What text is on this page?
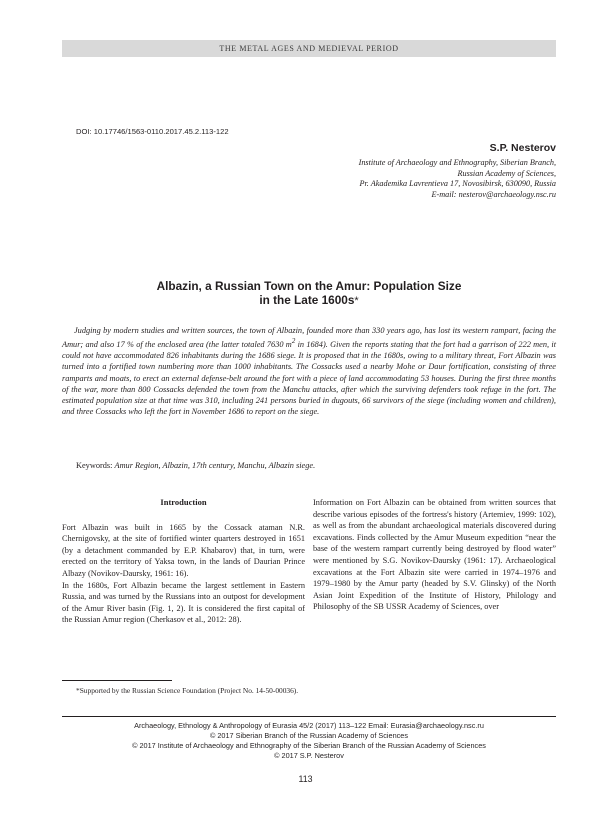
THE METAL AGES AND MEDIEVAL PERIOD
DOI: 10.17746/1563-0110.2017.45.2.113-122
S.P. Nesterov
Institute of Archaeology and Ethnography, Siberian Branch,
Russian Academy of Sciences,
Pr. Akademika Lavrentieva 17, Novosibirsk, 630090, Russia
E-mail: nesterov@archaeology.nsc.ru
Albazin, a Russian Town on the Amur: Population Size
in the Late 1600s*

Judging by modern studies and written sources, the town of Albazin, founded more than 330 years ago, has lost its western rampart, facing the Amur; and also 17 % of the enclosed area (the latter totaled 7630 $m^2$ in 1684). Given the reports stating that the fort had a garrison of 222 men, it could not have accommodated 826 inhabitants during the 1686 siege. It is proposed that in the 1680s, owing to a military threat, Fort Albazin was turned into a fortified town numbering more than 1000 inhabitants. The Cossacks used a nearby Mohe or Daur fortification, consisting of three ramparts and moats, to erect an external defense-belt around the fort with a piece of land accommodating 53 houses. During the first three months of the war, more than 800 Cossacks defended the town from the Manchu attacks, after which the surviving defenders took refuge in the fort. The estimated population size at that time was 310, including 241 persons buried in dugouts, 66 survivors of the siege (including women and children), and three Cossacks who left the fort in November 1686 to report on the siege.

Keywords: Amur Region, Albazin, 17th century, Manchu, Albazin siege.

Introduction

Fort Albazin was built in 1665 by the Cossack ataman N.R. Chernigovsky, at the site of fortified winter quarters destroyed in 1651 (by a detachment commanded by E.P. Khabarov) that, in turn, were erected on the territory of Yaksa town, in the lands of Daurian Prince Albazy (Novikov-Daursky, 1961: 16).

In the 1680s, Fort Albazin became the largest settlement in Eastern Russia, and was turned by the Russians into an outpost for development of the Amur River basin (Fig. 1, 2). It is considered the first capital of the Russian Amur region (Cherkasov et al., 2012: 28).

Information on Fort Albazin can be obtained from written sources that describe various episodes of the fortress's history (Artemiev, 1999: 102), as well as from the abundant archaeological materials discovered during excavations. Finds collected by the Amur Museum expedition “near the base of the western rampart currently being destroyed by flood water” were mentioned by S.G. Novikov-Daursky (1961: 17). Archaeological excavations at the Fort Albazin site were carried in 1974–1976 and 1979–1980 by the Amur party (headed by S.V. Glinsky) of the North Asian Joint Expedition of the Institute of History, Philology and Philosophy of the SB USSR Academy of Sciences, over

*Supported by the Russian Science Foundation (Project No. 14-50-00036).
Archaeology, Ethnology & Anthropology of Eurasia 45/2 (2017) 113–122 Email: Eurasia@archaeology.nsc.ru
© 2017 Siberian Branch of the Russian Academy of Sciences
© 2017 Institute of Archaeology and Ethnography of the Siberian Branch of the Russian Academy of Sciences
© 2017 S.P. Nesterov
113
